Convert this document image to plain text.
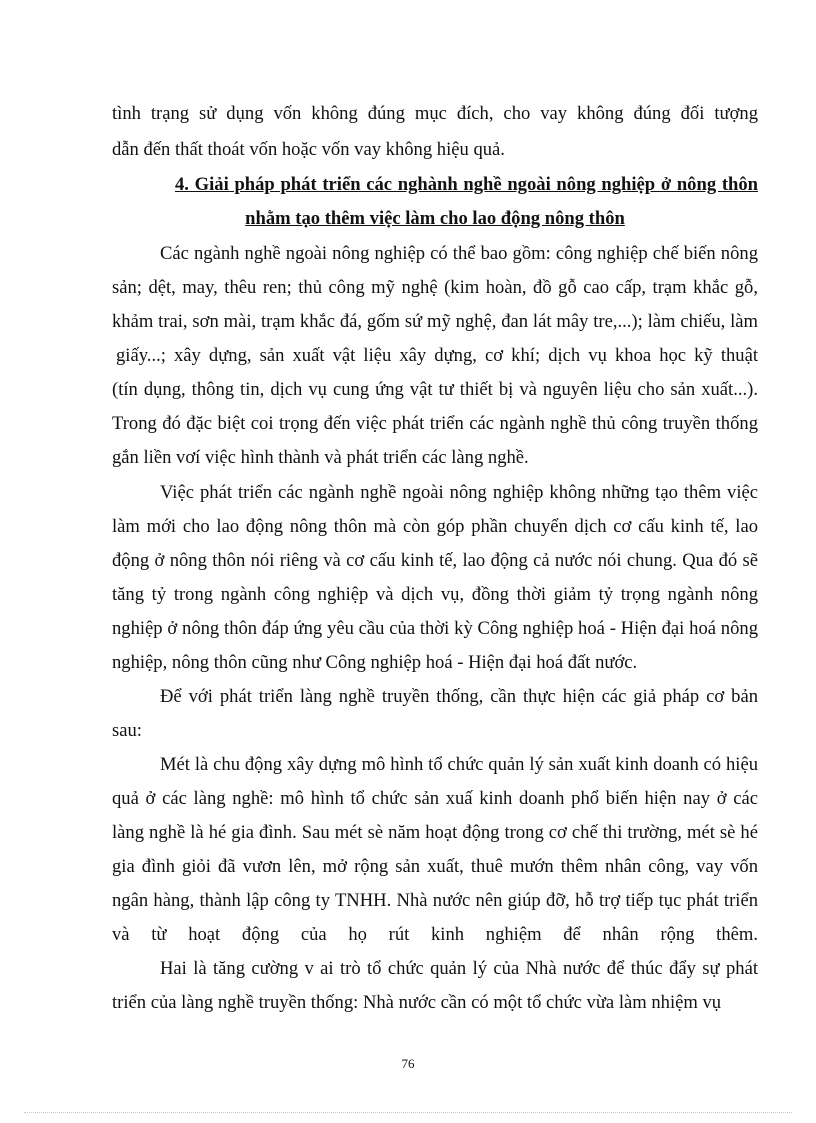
tình trạng sử dụng vốn không đúng mục đích, cho vay không đúng đối tượng
dẫn đến thất thoát vốn hoặc vốn vay không hiệu quả.
4. Giải pháp phát triển các nghành nghề ngoài nông nghiệp ở nông thôn
nhằm tạo thêm việc làm cho lao động nông thôn
Các ngành nghề ngoài nông nghiệp có thể bao gồm: công nghiệp chế biến nông
sản; dệt, may, thêu ren; thủ công mỹ nghệ (kim hoàn, đồ gỗ cao cấp, trạm khắc gỗ,
khảm trai, sơn mài, trạm khắc đá, gốm sứ mỹ nghệ, đan lát mây tre,...); làm chiếu, làm
giấy...; xây dựng, sản xuất vật liệu xây dựng, cơ khí; dịch vụ khoa học kỹ thuật
(tín dụng, thông tin, dịch vụ cung ứng vật tư thiết bị và nguyên liệu cho sản xuất...).
Trong đó đặc biệt coi trọng đến việc phát triển các ngành nghề thủ công truyền thống
gắn liền vơí việc hình thành và phát triển các làng nghề.
Việc phát triển các ngành nghề ngoài nông nghiệp không những tạo thêm việc
làm mới cho lao động nông thôn mà còn góp phần chuyển dịch cơ cấu kinh tế, lao
động ở nông thôn nói riêng và cơ cấu kinh tế, lao động cả nước nói chung. Qua đó sẽ
tăng tỷ trong ngành công nghiệp và dịch vụ, đồng thời giảm tỷ trọng ngành nông
nghiệp ở nông thôn đáp ứng yêu cầu của thời kỳ Công nghiệp hoá - Hiện đại hoá nông
nghiệp, nông thôn cũng như Công nghiệp hoá - Hiện đại hoá đất nước.
Để với phát triển làng nghề truyền thống, cần thực hiện các giả pháp cơ bản
sau:
Mét là chu động xây dựng mô hình tổ chức quản lý sản xuất kinh doanh có hiệu
quả ở các làng nghề: mô hình tổ chức sản xuấ kinh doanh phổ biến hiện nay ở các
làng nghề là hé gia đình. Sau mét sè năm hoạt động trong cơ chế thi trường, mét sè hé
gia đình giỏi đã vươn lên, mở rộng sản xuất, thuê mướn thêm nhân công, vay vốn
ngân hàng, thành lập công ty TNHH. Nhà nước nên giúp đỡ, hỗ trợ tiếp tục phát triển
và từ hoạt động của họ rút kinh nghiệm để nhân rộng thêm.
Hai là tăng cường v ai trò tổ chức quản lý của Nhà nước để thúc đẩy sự phát
triển của làng nghề truyền thống: Nhà nước cần có một tổ chức vừa làm nhiệm vụ
76
